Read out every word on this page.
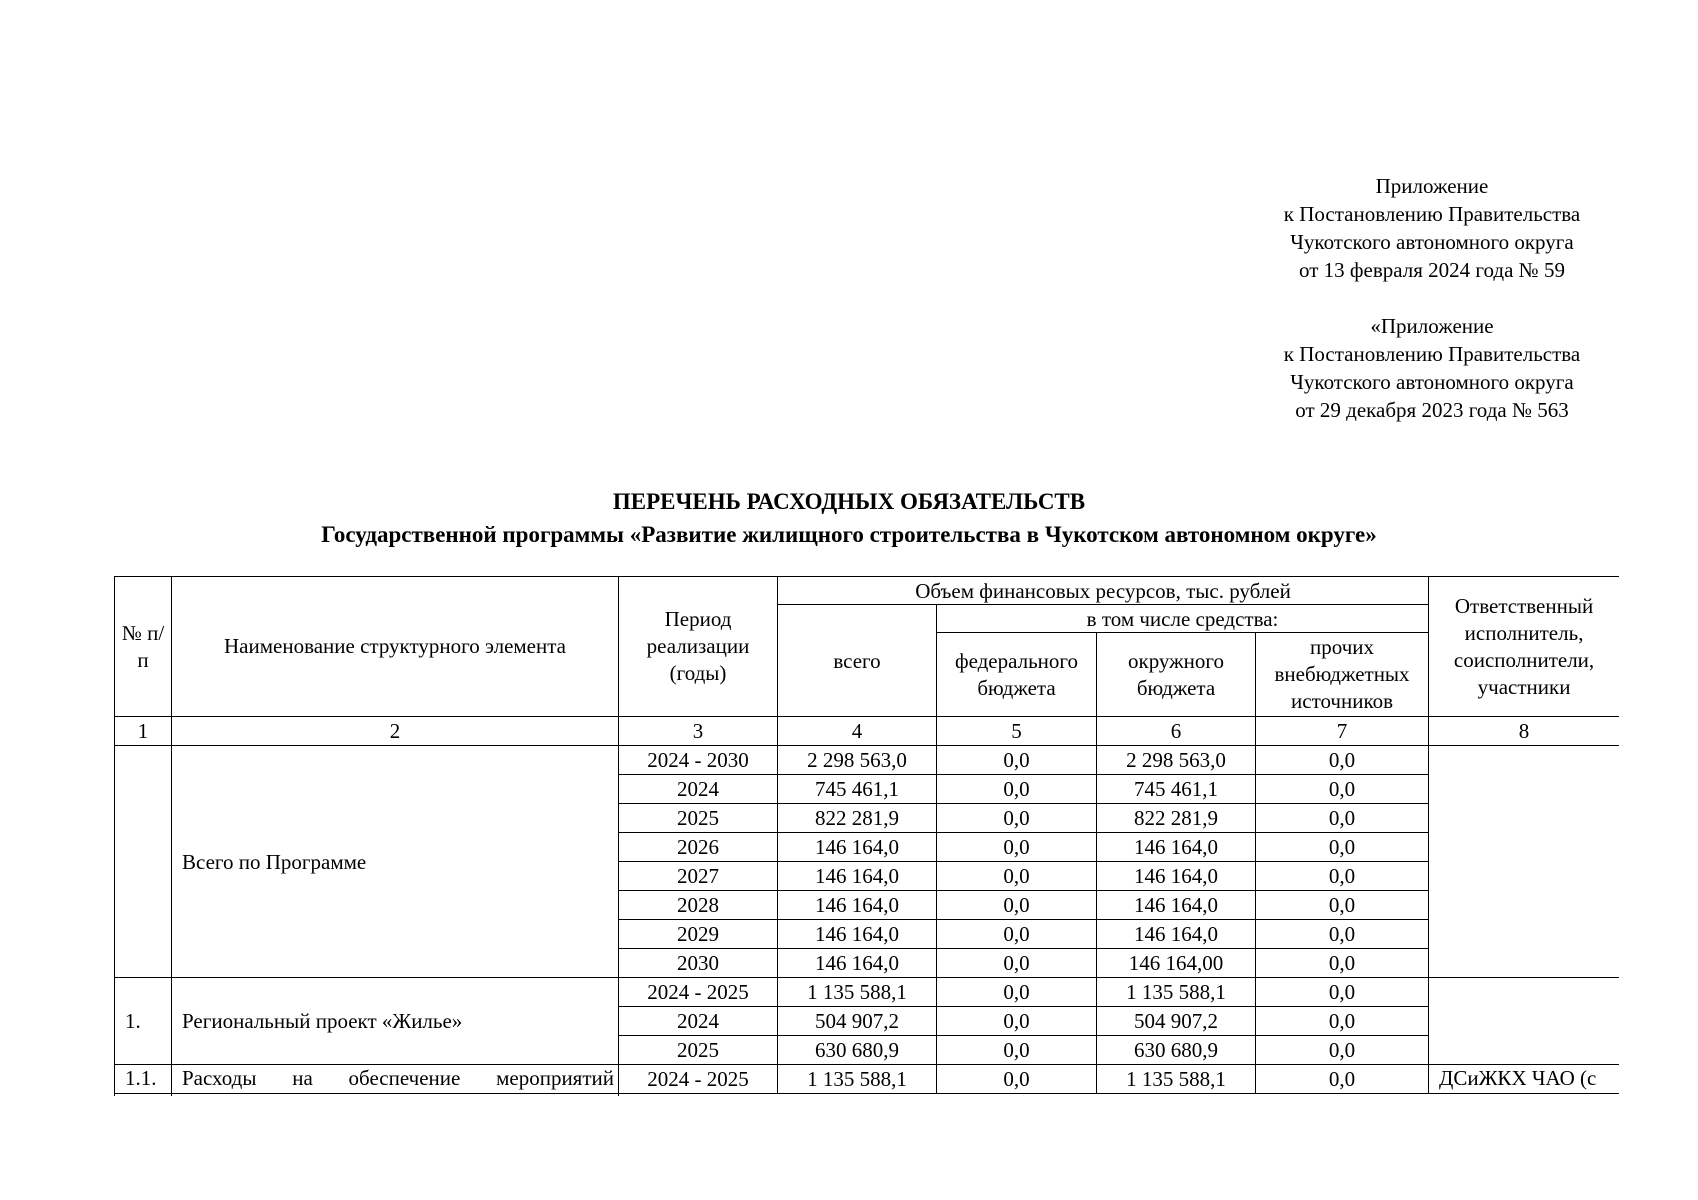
Приложение
к Постановлению Правительства
Чукотского автономного округа
от 13 февраля 2024 года № 59
«Приложение
к Постановлению Правительства
Чукотского автономного округа
от 29 декабря 2023 года № 563
ПЕРЕЧЕНЬ РАСХОДНЫХ ОБЯЗАТЕЛЬСТВ
Государственной программы «Развитие жилищного строительства в Чукотском автономном округе»
№ п/п	Наименование структурного элемента	Период реализации (годы)	Объем финансовых ресурсов, тыс. рублей				Ответственный исполнитель, соисполнители, участники
			всего	в том числе средства:			
				федерального бюджета	окружного бюджета	прочих внебюджетных источников	
1	2	3	4	5	6	7	8
	Всего по Программе	2024 - 2030	2 298 563,0	0,0	2 298 563,0	0,0	
		2024	745 461,1	0,0	745 461,1	0,0	
		2025	822 281,9	0,0	822 281,9	0,0	
		2026	146 164,0	0,0	146 164,0	0,0	
		2027	146 164,0	0,0	146 164,0	0,0	
		2028	146 164,0	0,0	146 164,0	0,0	
		2029	146 164,0	0,0	146 164,0	0,0	
		2030	146 164,0	0,0	146 164,00	0,0	
1.	Региональный проект «Жилье»	2024 - 2025	1 135 588,1	0,0	1 135 588,1	0,0	
		2024	504 907,2	0,0	504 907,2	0,0	
		2025	630 680,9	0,0	630 680,9	0,0	
1.1.	Расходы на обеспечение мероприятий	2024 - 2025	1 135 588,1	0,0	1 135 588,1	0,0	ДСиЖКХ ЧАО (с
